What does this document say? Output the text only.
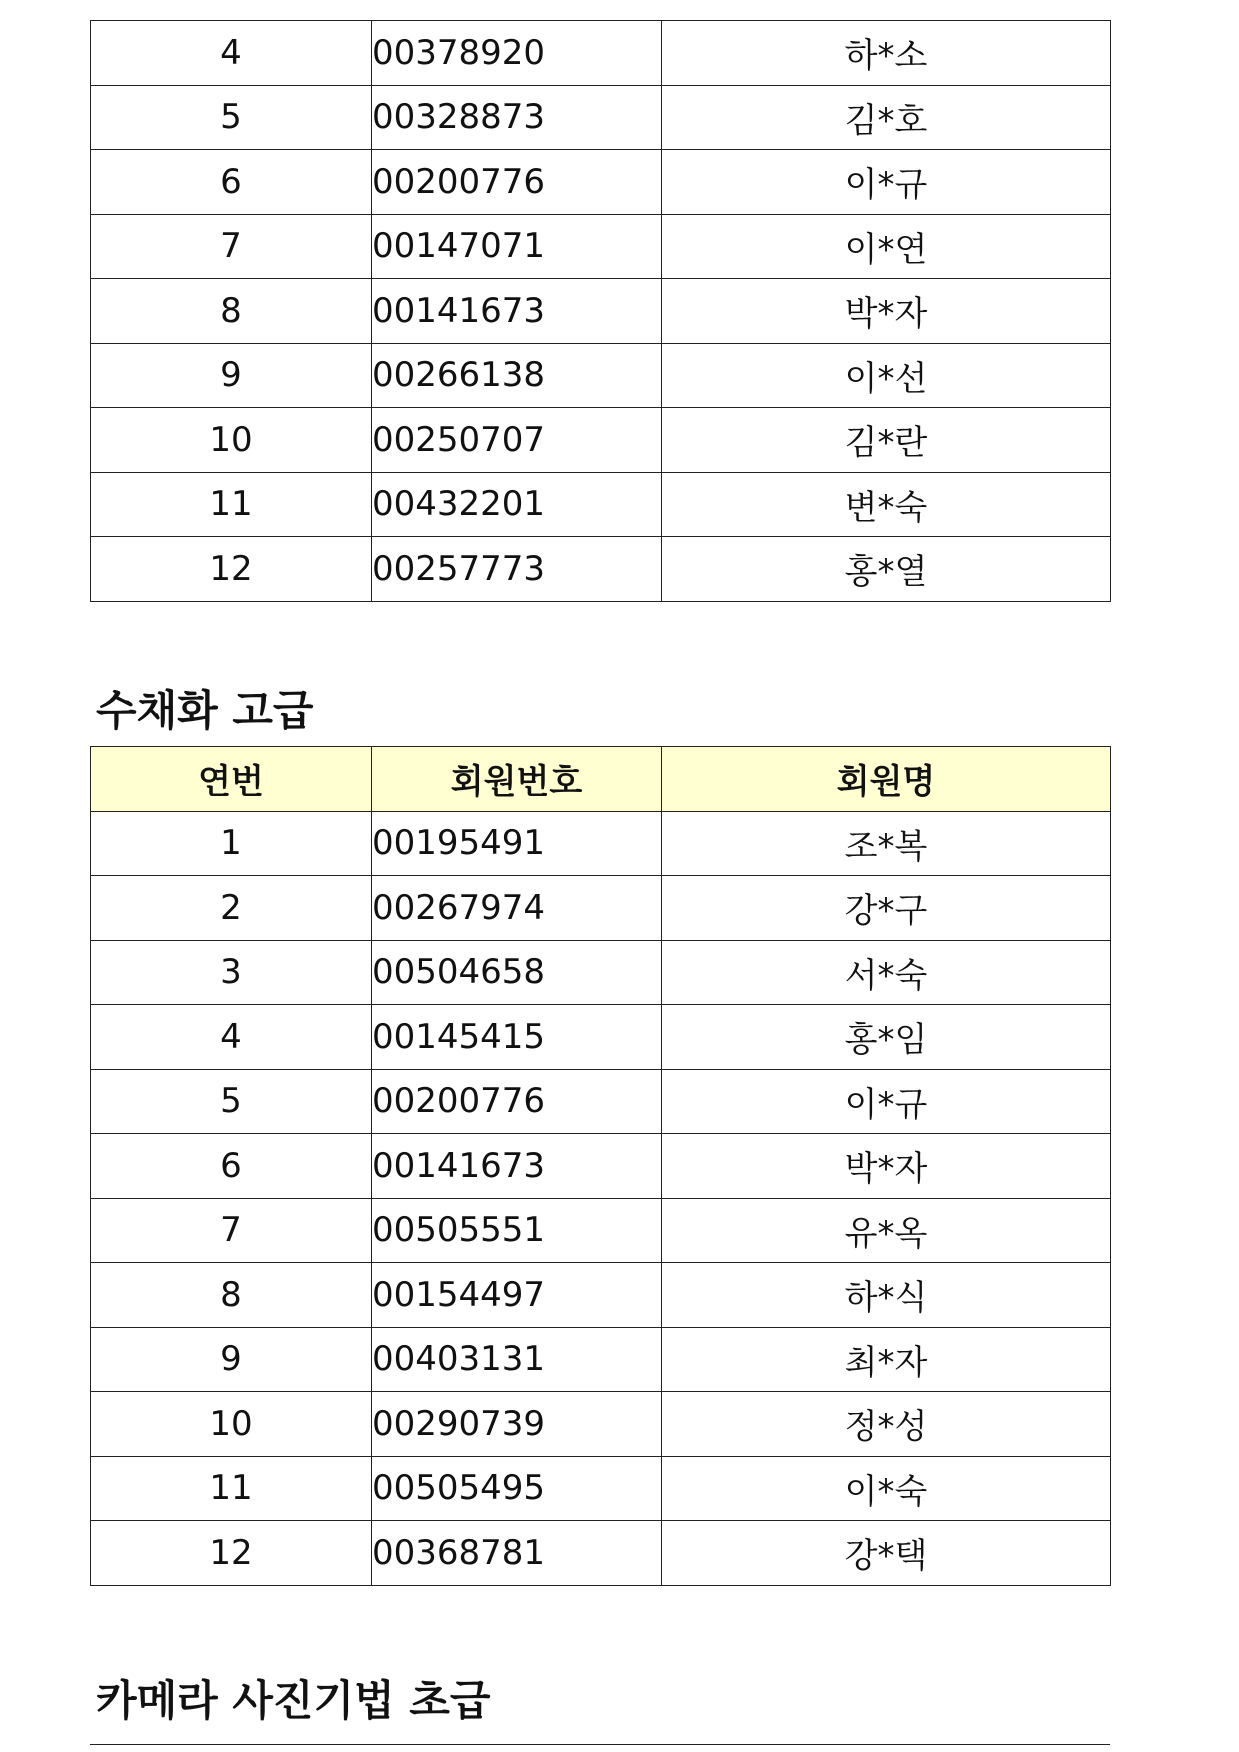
4	00378920	하*소
5	00328873	김*호
6	00200776	이*규
7	00147071	이*연
8	00141673	박*자
9	00266138	이*선
10	00250707	김*란
11	00432201	변*숙
12	00257773	홍*열
수채화 고급
연번	회원번호	회원명
1	00195491	조*복
2	00267974	강*구
3	00504658	서*숙
4	00145415	홍*임
5	00200776	이*규
6	00141673	박*자
7	00505551	유*옥
8	00154497	하*식
9	00403131	최*자
10	00290739	정*성
11	00505495	이*숙
12	00368781	강*택
카메라 사진기법 초급
